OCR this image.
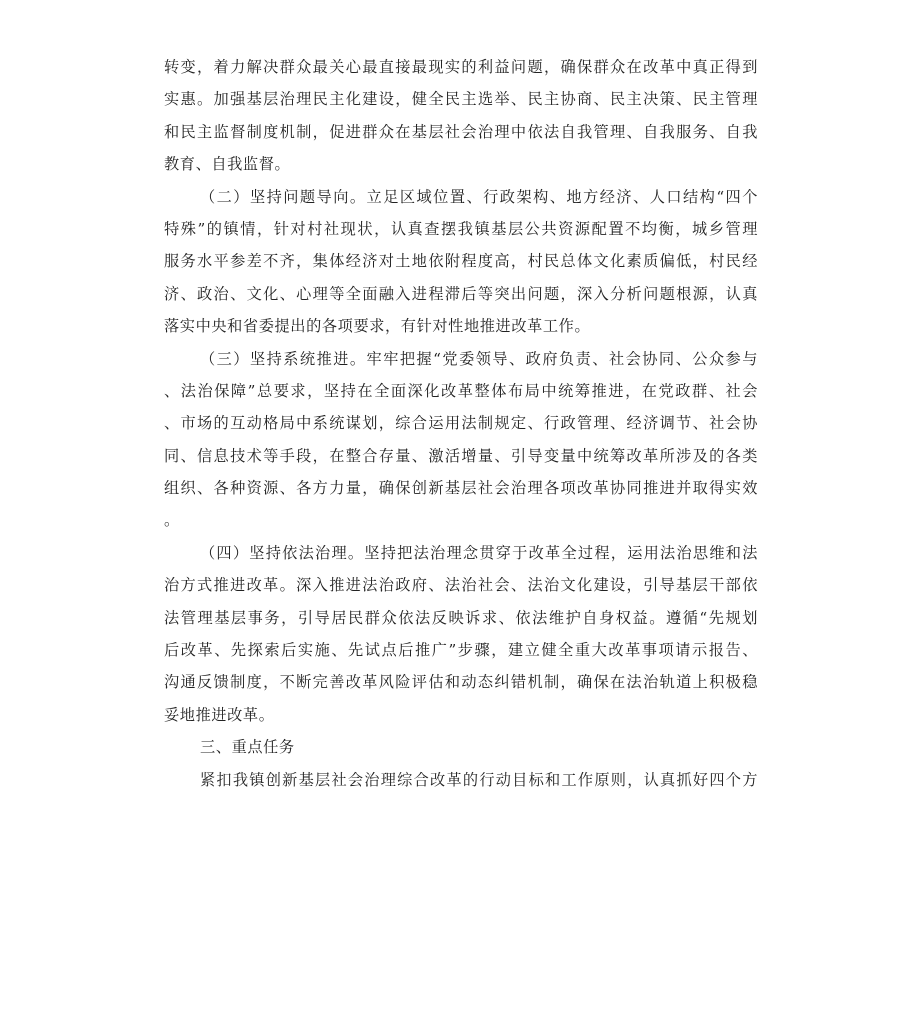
转变，着力解决群众最关心最直接最现实的利益问题，确保群众在改革中真正得到
实惠。加强基层治理民主化建设，健全民主选举、民主协商、民主决策、民主管理
和民主监督制度机制，促进群众在基层社会治理中依法自我管理、自我服务、自我
教育、自我监督。
（二）坚持问题导向。立足区域位置、行政架构、地方经济、人口结构“四个
特殊”的镇情，针对村社现状，认真查摆我镇基层公共资源配置不均衡，城乡管理
服务水平参差不齐，集体经济对土地依附程度高，村民总体文化素质偏低，村民经
济、政治、文化、心理等全面融入进程滞后等突出问题，深入分析问题根源，认真
落实中央和省委提出的各项要求，有针对性地推进改革工作。
（三）坚持系统推进。牢牢把握“党委领导、政府负责、社会协同、公众参与
、法治保障”总要求，坚持在全面深化改革整体布局中统筹推进，在党政群、社会
、市场的互动格局中系统谋划，综合运用法制规定、行政管理、经济调节、社会协
同、信息技术等手段，在整合存量、激活增量、引导变量中统筹改革所涉及的各类
组织、各种资源、各方力量，确保创新基层社会治理各项改革协同推进并取得实效
。
（四）坚持依法治理。坚持把法治理念贯穿于改革全过程，运用法治思维和法
治方式推进改革。深入推进法治政府、法治社会、法治文化建设，引导基层干部依
法管理基层事务，引导居民群众依法反映诉求、依法维护自身权益。遵循“先规划
后改革、先探索后实施、先试点后推广”步骤，建立健全重大改革事项请示报告、
沟通反馈制度，不断完善改革风险评估和动态纠错机制，确保在法治轨道上积极稳
妥地推进改革。
三、重点任务
紧扣我镇创新基层社会治理综合改革的行动目标和工作原则，认真抓好四个方
